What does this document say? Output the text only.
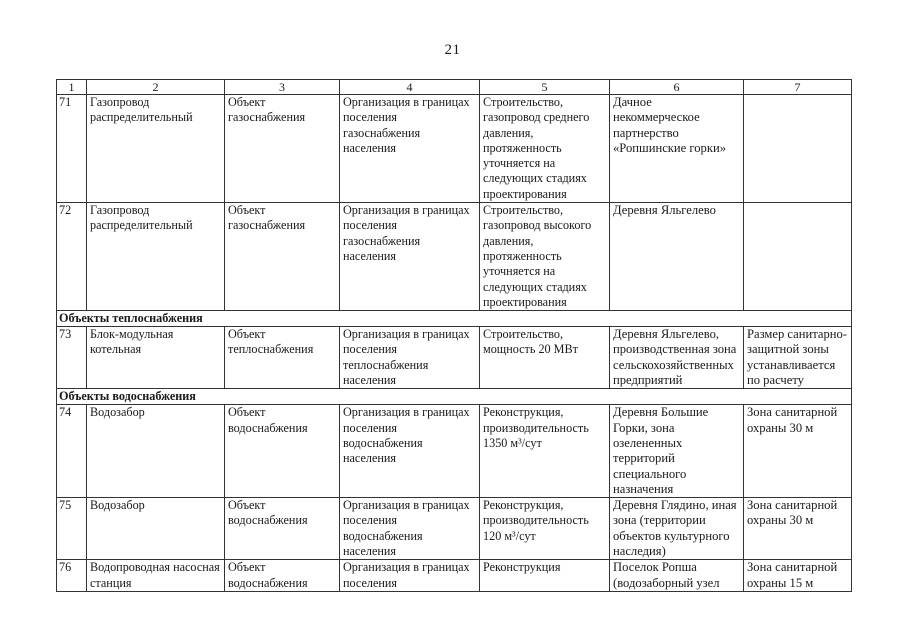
21
1	2	3	4	5	6	7
71	Газопровод распределительный	Объект газоснабжения	Организация в границах поселения газоснабжения населения	Строительство, газопровод среднего давления, протяженность уточняется на следующих стадиях проектирования	Дачное некоммерческое партнерство «Ропшинские горки»	
72	Газопровод распределительный	Объект газоснабжения	Организация в границах поселения газоснабжения населения	Строительство, газопровод высокого давления, протяженность уточняется на следующих стадиях проектирования	Деревня Яльгелево	
Объекты теплоснабжения						
73	Блок-модульная котельная	Объект теплоснабжения	Организация в границах поселения теплоснабжения населения	Строительство, мощность 20 МВт	Деревня Яльгелево, производственная зона сельскохозяйственных предприятий	Размер санитарно-защитной зоны устанавливается по расчету
Объекты водоснабжения						
74	Водозабор	Объект водоснабжения	Организация в границах поселения водоснабжения населения	Реконструкция, производительность 1350 м³/сут	Деревня Большие Горки, зона озелененных территорий специального назначения	Зона санитарной охраны 30 м
75	Водозабор	Объект водоснабжения	Организация в границах поселения водоснабжения населения	Реконструкция, производительность 120 м³/сут	Деревня Глядино, иная зона (территории объектов культурного наследия)	Зона санитарной охраны 30 м
76	Водопроводная насосная станция	Объект водоснабжения	Организация в границах поселения	Реконструкция	Поселок Ропша (водозаборный узел	Зона санитарной охраны 15 м
